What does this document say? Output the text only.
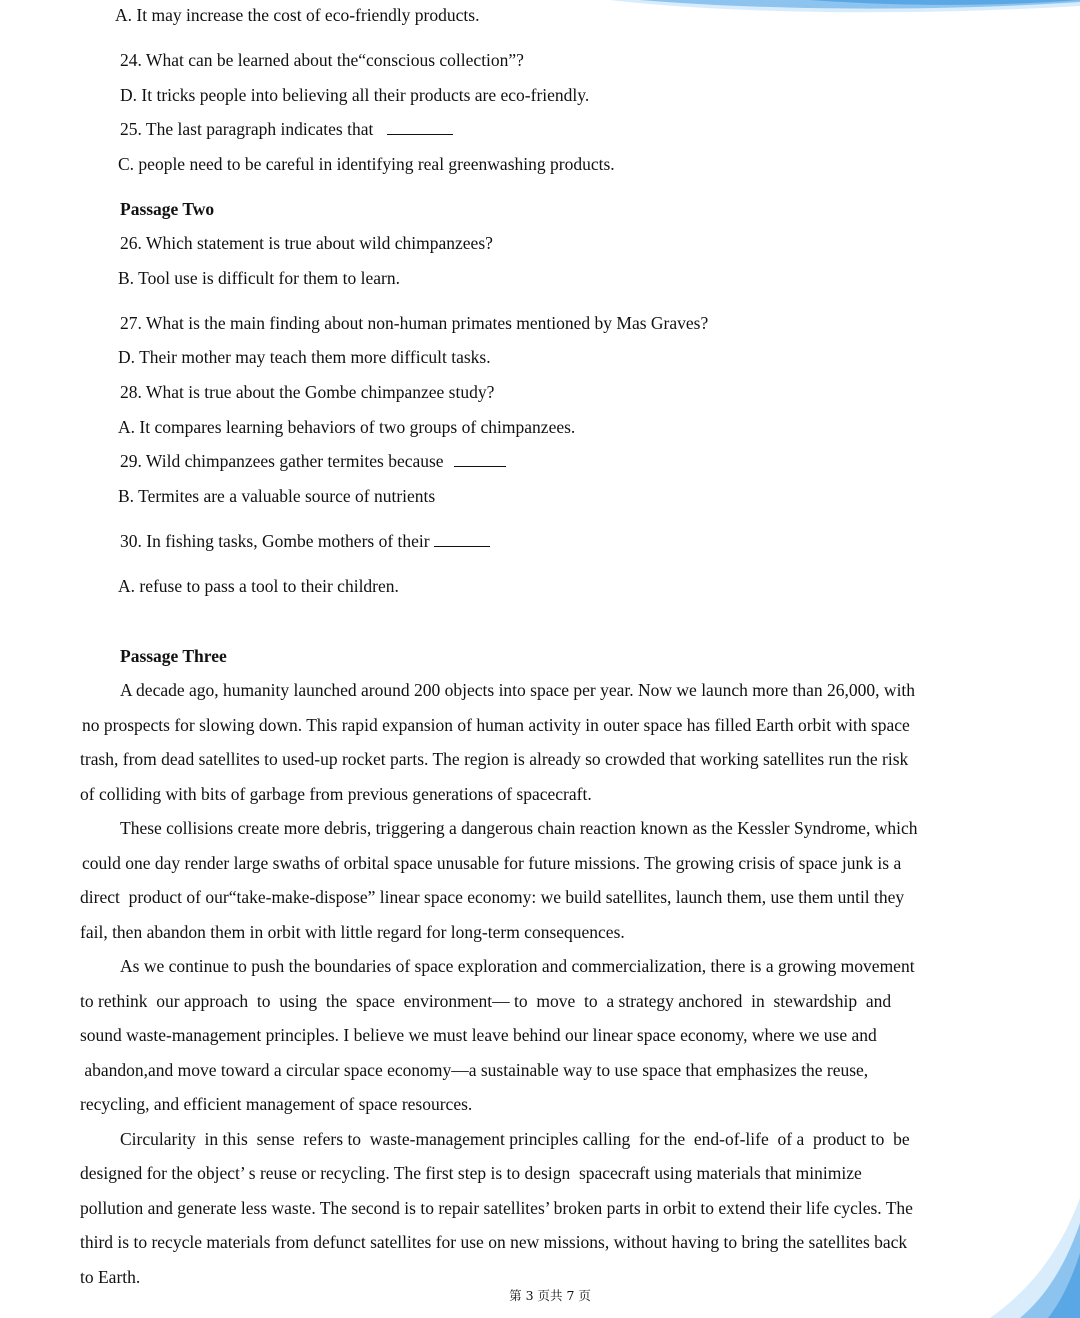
A. It may increase the cost of eco-friendly products.
24. What can be learned about the“conscious collection”?
D. It tricks people into believing all their products are eco-friendly.
25. The last paragraph indicates that
C. people need to be careful in identifying real greenwashing products.
Passage Two
26. Which statement is true about wild chimpanzees?
B. Tool use is difficult for them to learn.
27. What is the main finding about non-human primates mentioned by Mas Graves?
D. Their mother may teach them more difficult tasks.
28. What is true about the Gombe chimpanzee study?
A. It compares learning behaviors of two groups of chimpanzees.
29. Wild chimpanzees gather termites because
B. Termites are a valuable source of nutrients
30. In fishing tasks, Gombe mothers of their
A. refuse to pass a tool to their children.
Passage Three
A decade ago, humanity launched around 200 objects into space per year. Now we launch more than 26,000, with
no prospects for slowing down. This rapid expansion of human activity in outer space has filled Earth orbit with space
trash, from dead satellites to used-up rocket parts. The region is already so crowded that working satellites run the risk
of colliding with bits of garbage from previous generations of spacecraft.
These collisions create more debris, triggering a dangerous chain reaction known as the Kessler Syndrome, which
could one day render large swaths of orbital space unusable for future missions. The growing crisis of space junk is a
direct  product of our“take-make-dispose” linear space economy: we build satellites, launch them, use them until they
fail, then abandon them in orbit with little regard for long-term consequences.
As we continue to push the boundaries of space exploration and commercialization, there is a growing movement
to rethink  our approach  to  using  the  space  environment— to  move  to  a strategy anchored  in  stewardship  and
sound waste-management principles. I believe we must leave behind our linear space economy, where we use and
abandon,and move toward a circular space economy—a sustainable way to use space that emphasizes the reuse,
recycling, and efficient management of space resources.
Circularity  in this  sense  refers to  waste-management principles calling  for the  end-of-life  of a  product to  be
designed for the object’ s reuse or recycling. The first step is to design  spacecraft using materials that minimize
pollution and generate less waste. The second is to repair satellites’ broken parts in orbit to extend their life cycles. The
third is to recycle materials from defunct satellites for use on new missions, without having to bring the satellites back
to Earth.
第 3 页共 7 页
